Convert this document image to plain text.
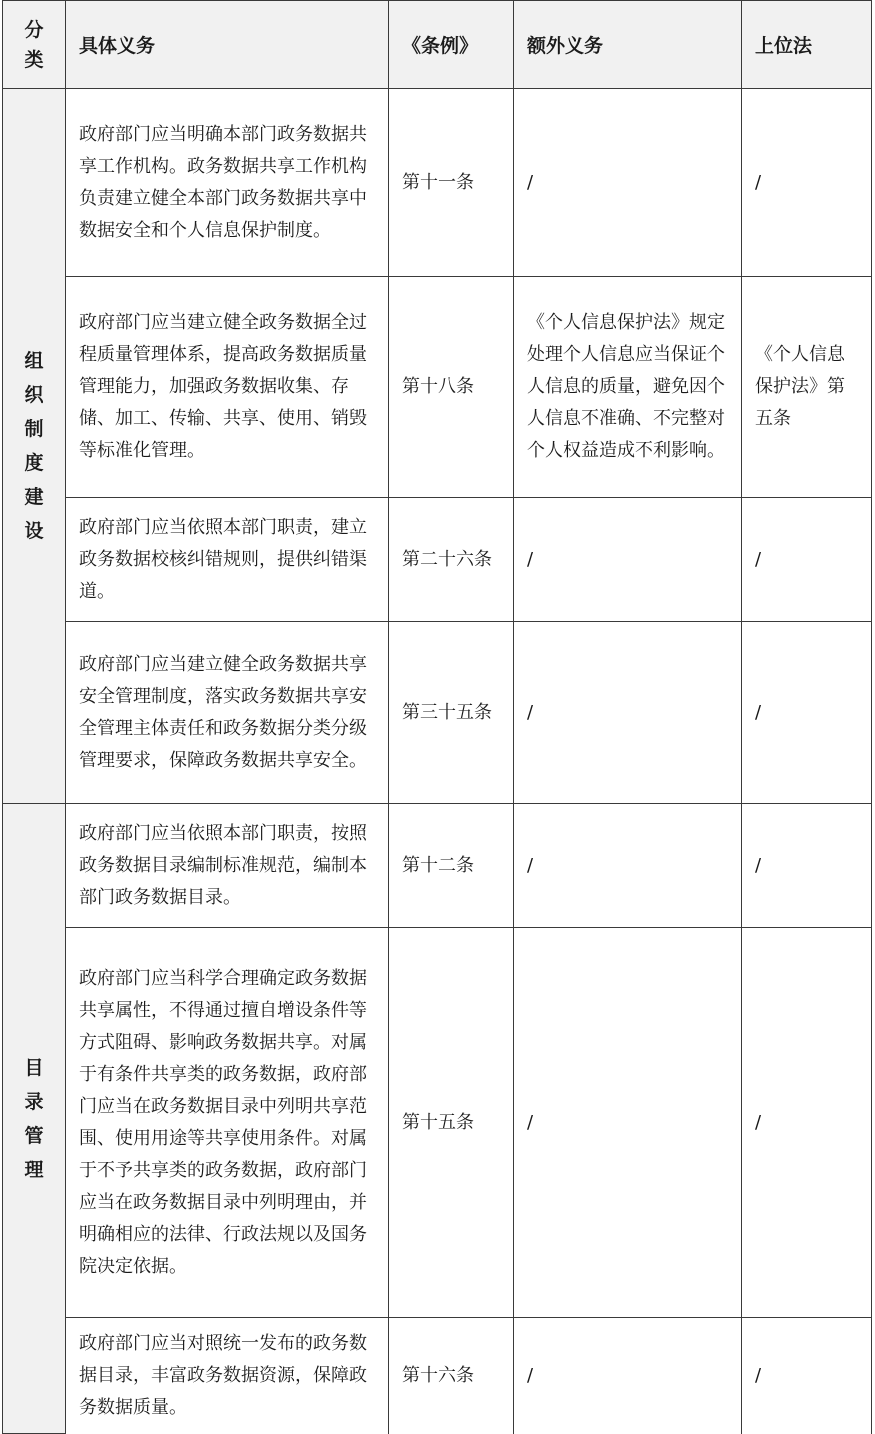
分类	具体义务	《条例》	额外义务	上位法
组织制度建设	政府部门应当明确本部门政务数据共享工作机构。政务数据共享工作机构负责建立健全本部门政务数据共享中数据安全和个人信息保护制度。	第十一条	/	/
	政府部门应当建立健全政务数据全过程质量管理体系，提高政务数据质量管理能力，加强政务数据收集、存储、加工、传输、共享、使用、销毁等标准化管理。	第十八条	《个人信息保护法》规定处理个人信息应当保证个人信息的质量，避免因个人信息不准确、不完整对个人权益造成不利影响。	《个人信息保护法》第五条
	政府部门应当依照本部门职责，建立政务数据校核纠错规则，提供纠错渠道。	第二十六条	/	/
	政府部门应当建立健全政务数据共享安全管理制度，落实政务数据共享安全管理主体责任和政务数据分类分级管理要求，保障政务数据共享安全。	第三十五条	/	/
目录管理	政府部门应当依照本部门职责，按照政务数据目录编制标准规范，编制本部门政务数据目录。	第十二条	/	/
	政府部门应当科学合理确定政务数据共享属性，不得通过擅自增设条件等方式阻碍、影响政务数据共享。对属于有条件共享类的政务数据，政府部门应当在政务数据目录中列明共享范围、使用用途等共享使用条件。对属于不予共享类的政务数据，政府部门应当在政务数据目录中列明理由，并明确相应的法律、行政法规以及国务院决定依据。	第十五条	/	/
	政府部门应当对照统一发布的政务数据目录，丰富政务数据资源，保障政务数据质量。	第十六条	/	/
